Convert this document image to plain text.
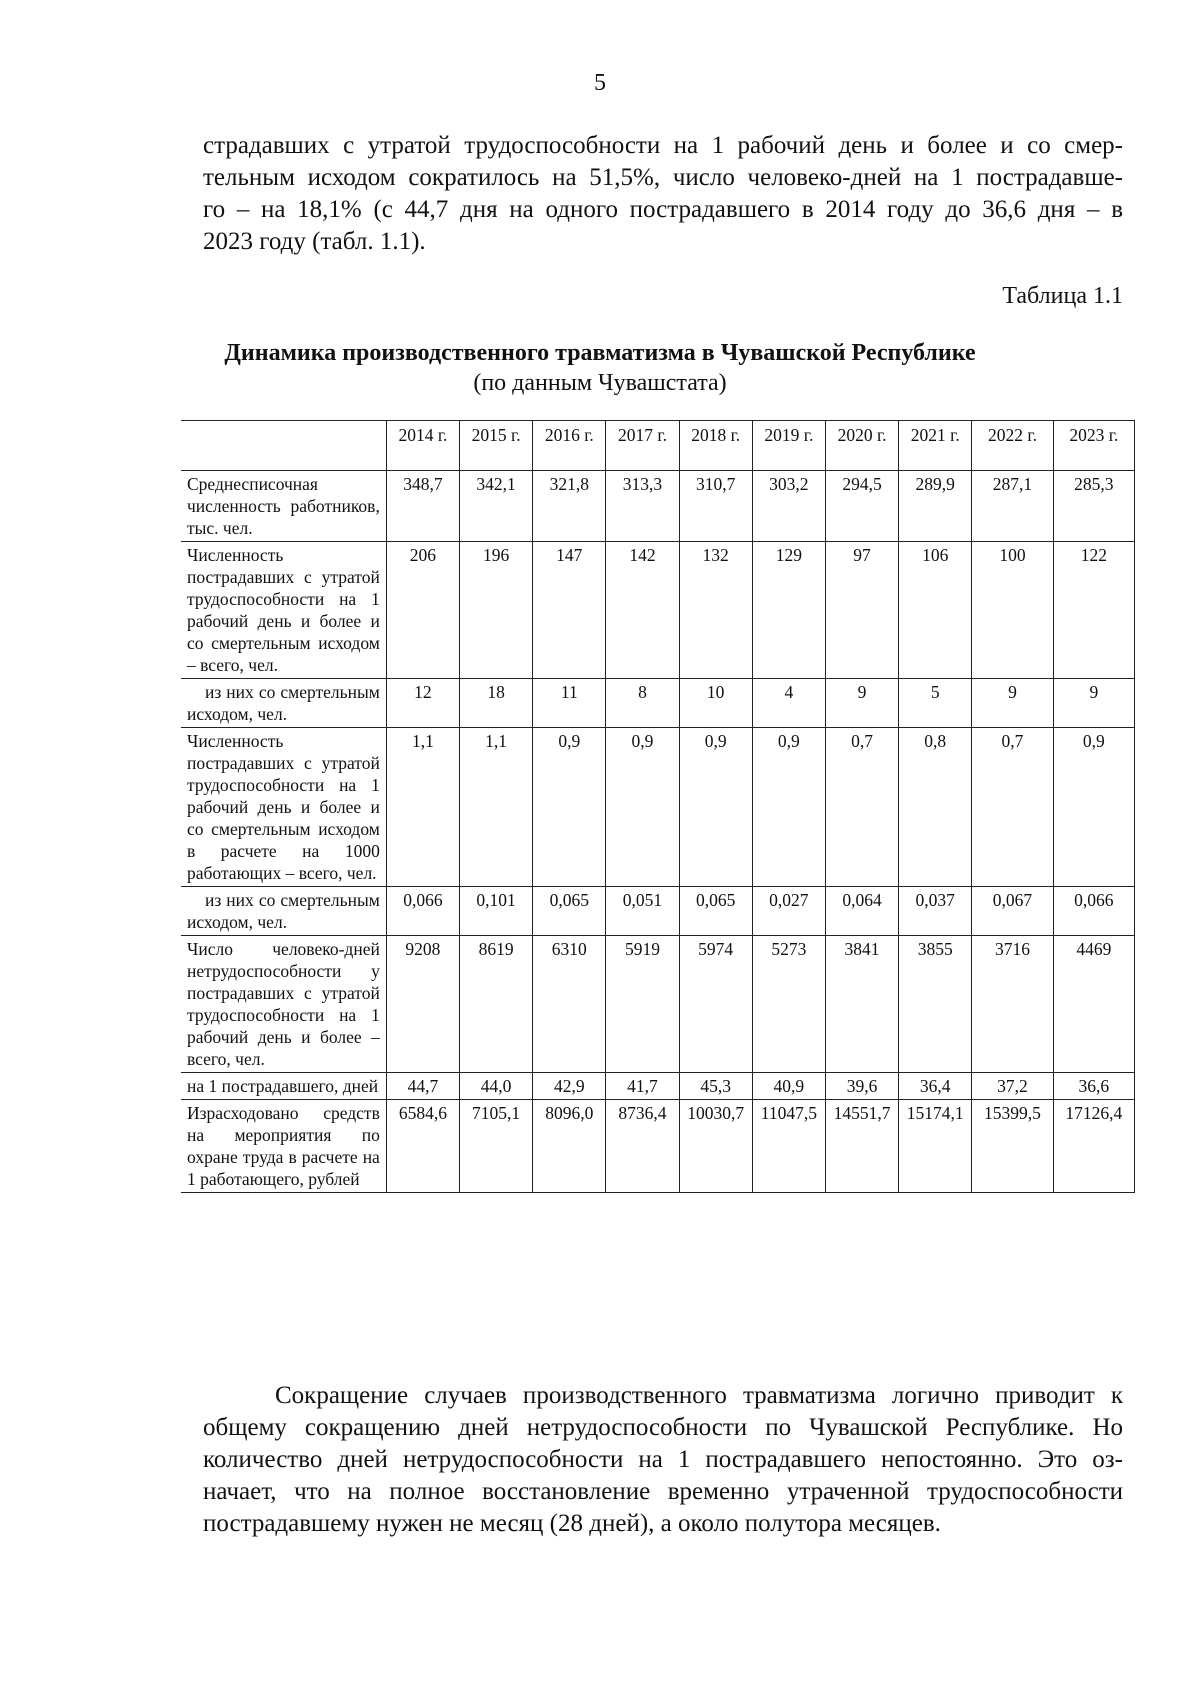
5
страдавших с утратой трудоспособности на 1 рабочий день и более и со смер-
тельным исходом сократилось на 51,5%, число человеко-дней на 1 пострадавше-
го – на 18,1% (с 44,7 дня на одного пострадавшего в 2014 году до 36,6 дня – в
2023 году (табл. 1.1).
Таблица 1.1
Динамика производственного травматизма в Чувашской Республике
(по данным Чувашстата)
	2014 г.	2015 г.	2016 г.	2017 г.	2018 г.	2019 г.	2020 г.	2021 г.	2022 г.	2023 г.
Среднесписочная численность работников, тыс. чел.	348,7	342,1	321,8	313,3	310,7	303,2	294,5	289,9	287,1	285,3
Численность пострадавших с утратой трудоспособности на 1 рабочий день и более и со смертельным исходом – всего, чел.	206	196	147	142	132	129	97	106	100	122
из них со смертельным исходом, чел.	12	18	11	8	10	4	9	5	9	9
Численность пострадавших с утратой трудоспособности на 1 рабочий день и более и со смертельным исходом в расчете на 1000 работающих – всего, чел.	1,1	1,1	0,9	0,9	0,9	0,9	0,7	0,8	0,7	0,9
из них со смертельным исходом, чел.	0,066	0,101	0,065	0,051	0,065	0,027	0,064	0,037	0,067	0,066
Число человеко-дней нетрудоспособности у пострадавших с утратой трудоспособности на 1 рабочий день и более – всего, чел.	9208	8619	6310	5919	5974	5273	3841	3855	3716	4469
на 1 пострадавшего, дней	44,7	44,0	42,9	41,7	45,3	40,9	39,6	36,4	37,2	36,6
Израсходовано средств на мероприятия по охране труда в расчете на 1 работающего, рублей	6584,6	7105,1	8096,0	8736,4	10030,7	11047,5	14551,7	15174,1	15399,5	17126,4
Сокращение случаев производственного травматизма логично приводит к
общему сокращению дней нетрудоспособности по Чувашской Республике. Но
количество дней нетрудоспособности на 1 пострадавшего непостоянно. Это оз-
начает, что на полное восстановление временно утраченной трудоспособности
пострадавшему нужен не месяц (28 дней), а около полутора месяцев.
